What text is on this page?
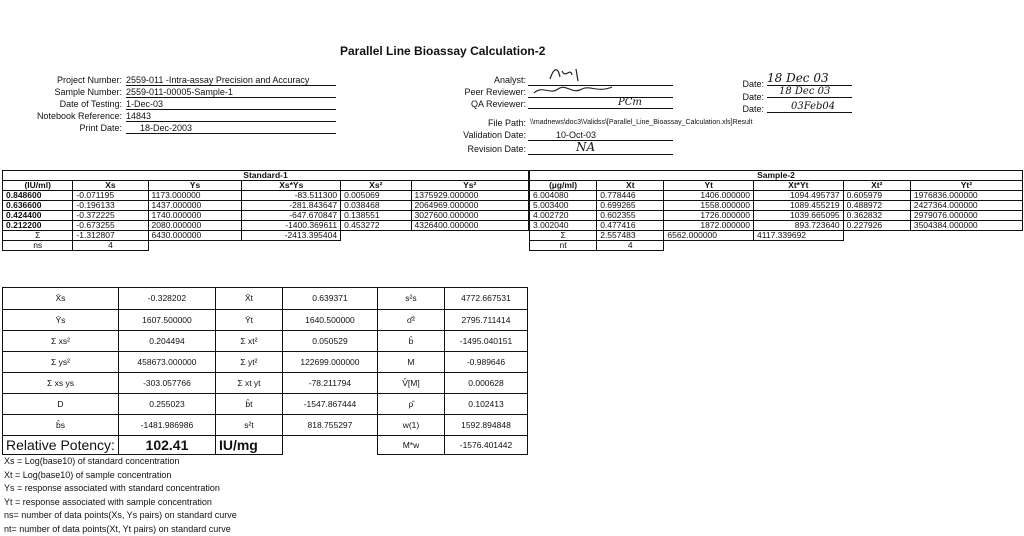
Parallel Line Bioassay Calculation-2
Project Number: 2559-011 -Intra-assay Precision and Accuracy
Sample Number: 2559-011-00005-Sample-1
Date of Testing: 1-Dec-03
Notebook Reference: 14843
Print Date:	18-Dec-2003
Analyst:
Peer Reviewer:
QA Reviewer:	PCm
File Path: \\madnews\doc3\Validss\[Parallel_Line_Bioassay_Calculation.xls]Result
Validation Date:	10-Oct-03
Revision Date:	NA
Date: 18 Dec 03
Date:	18 Dec 03
Date:	03Feb04
Standard-1					
(IU/ml)	Xs	Ys	Xs*Ys	Xs²	Ys²
0.848600	-0.071195	1173.000000	-83.511300	0.005069	1375929.000000
0.636600	-0.196133	1437.000000	-281.843647	0.038468	2064969.000000
0.424400	-0.372225	1740.000000	-647.670847	0.138551	3027600.000000
0.212200	-0.673255	2080.000000	-1400.369611	0.453272	4326400.000000
Σ	-1.312807	6430.000000	-2413.395404		
ns	4				
Sample-2					
(µg/ml)	Xt	Yt	Xt*Yt	Xt²	Yt²
6.004080	0.778446	1406.000000	1094.495737	0.605979	1976836.000000
5.003400	0.699265	1558.000000	1089.455219	0.488972	2427364.000000
4.002720	0.602355	1726.000000	1039.665095	0.362832	2979076.000000
3.002040	0.477416	1872.000000	893.723640	0.227926	3504384.000000
Σ	2.557483	6562.000000	4117.339692		
nt	4				
X̄s	-0.328202	X̄t	0.639371	s²s	4772.667531
Ȳs	1607.500000	Ȳt	1640.500000	σ̂²	2795.711414
Σ xs²	0.204494	Σ xt²	0.050529	b̂	-1495.040151
Σ ys²	458673.000000	Σ yt²	122699.000000	M	-0.989646
Σ xs ys	-303.057766	Σ xt yt	-78.211794	V̂[M]	0.000628
D	0.255023	b̂t	-1547.867444	ρ̂	0.102413
b̂s	-1481.986986	s²t	818.755297	w(1)	1592.894848
Relative Potency:	102.41	IU/mg		M*w	-1576.401442
Xs = Log(base10) of standard concentration
Xt = Log(base10) of sample concentration
Ys = response associated with standard concentration
Yt = response associated with sample concentration
ns= number of data points(Xs, Ys pairs) on standard curve
nt= number of data points(Xt, Yt pairs) on standard curve
